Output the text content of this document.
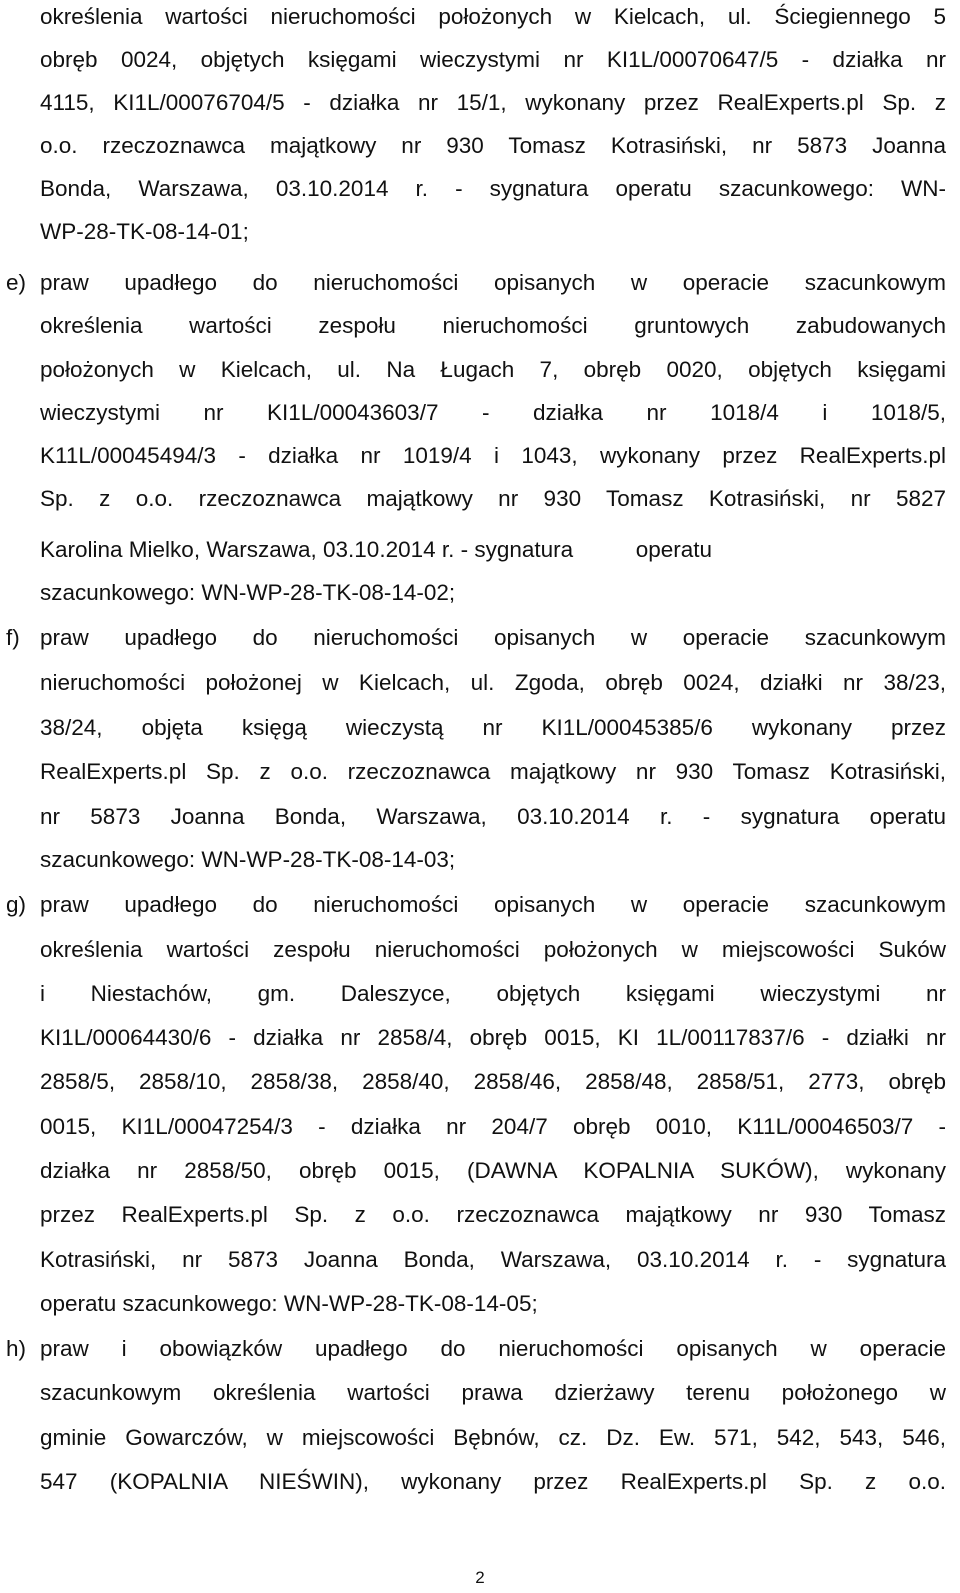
określenia wartości nieruchomości położonych w Kielcach, ul. Ściegiennego 5

obręb 0024, objętych księgami wieczystymi nr KI1L/00070647/5 - działka nr

4115, KI1L/00076704/5 - działka nr 15/1, wykonany przez RealExperts.pl Sp. z

o.o. rzeczoznawca majątkowy nr 930 Tomasz Kotrasiński, nr 5873 Joanna

Bonda, Warszawa, 03.10.2014 r. - sygnatura operatu szacunkowego: WN-

WP-28-TK-08-14-01;

e) praw upadłego do nieruchomości opisanych w operacie szacunkowym

określenia wartości zespołu nieruchomości gruntowych zabudowanych

położonych w Kielcach, ul. Na Ługach 7, obręb 0020, objętych księgami

wieczystymi nr KI1L/00043603/7 - działka nr 1018/4 i 1018/5,

K11L/00045494/3 - działka nr 1019/4 i 1043, wykonany przez RealExperts.pl

Sp. z o.o. rzeczoznawca majątkowy nr 930 Tomasz Kotrasiński, nr 5827

Karolina Mielko, Warszawa, 03.10.2014 r. - sygnatura          operatu

szacunkowego: WN-WP-28-TK-08-14-02;

f) praw upadłego do nieruchomości opisanych w operacie szacunkowym

nieruchomości położonej w Kielcach, ul. Zgoda, obręb 0024, działki nr 38/23,

38/24, objęta księgą wieczystą nr KI1L/00045385/6 wykonany przez

RealExperts.pl Sp. z o.o. rzeczoznawca majątkowy nr 930 Tomasz Kotrasiński,

nr 5873 Joanna Bonda, Warszawa, 03.10.2014 r. - sygnatura operatu

szacunkowego: WN-WP-28-TK-08-14-03;

g) praw upadłego do nieruchomości opisanych w operacie szacunkowym

określenia wartości zespołu nieruchomości położonych w miejscowości Suków

i Niestachów, gm. Daleszyce, objętych księgami wieczystymi nr

KI1L/00064430/6 - działka nr 2858/4, obręb 0015, KI 1L/00117837/6 - działki nr

2858/5, 2858/10, 2858/38, 2858/40, 2858/46, 2858/48, 2858/51, 2773, obręb

0015, KI1L/00047254/3 - działka nr 204/7 obręb 0010, K11L/00046503/7 -

działka nr 2858/50, obręb 0015, (DAWNA KOPALNIA SUKÓW), wykonany

przez RealExperts.pl Sp. z o.o. rzeczoznawca majątkowy nr 930 Tomasz

Kotrasiński, nr 5873 Joanna Bonda, Warszawa, 03.10.2014 r. - sygnatura

operatu szacunkowego: WN-WP-28-TK-08-14-05;

h) praw i obowiązków upadłego do nieruchomości opisanych w operacie

szacunkowym określenia wartości prawa dzierżawy terenu położonego w

gminie Gowarczów, w miejscowości Bębnów, cz. Dz. Ew. 571, 542, 543, 546,

547 (KOPALNIA NIEŚWIN), wykonany przez RealExperts.pl Sp. z o.o.

2
